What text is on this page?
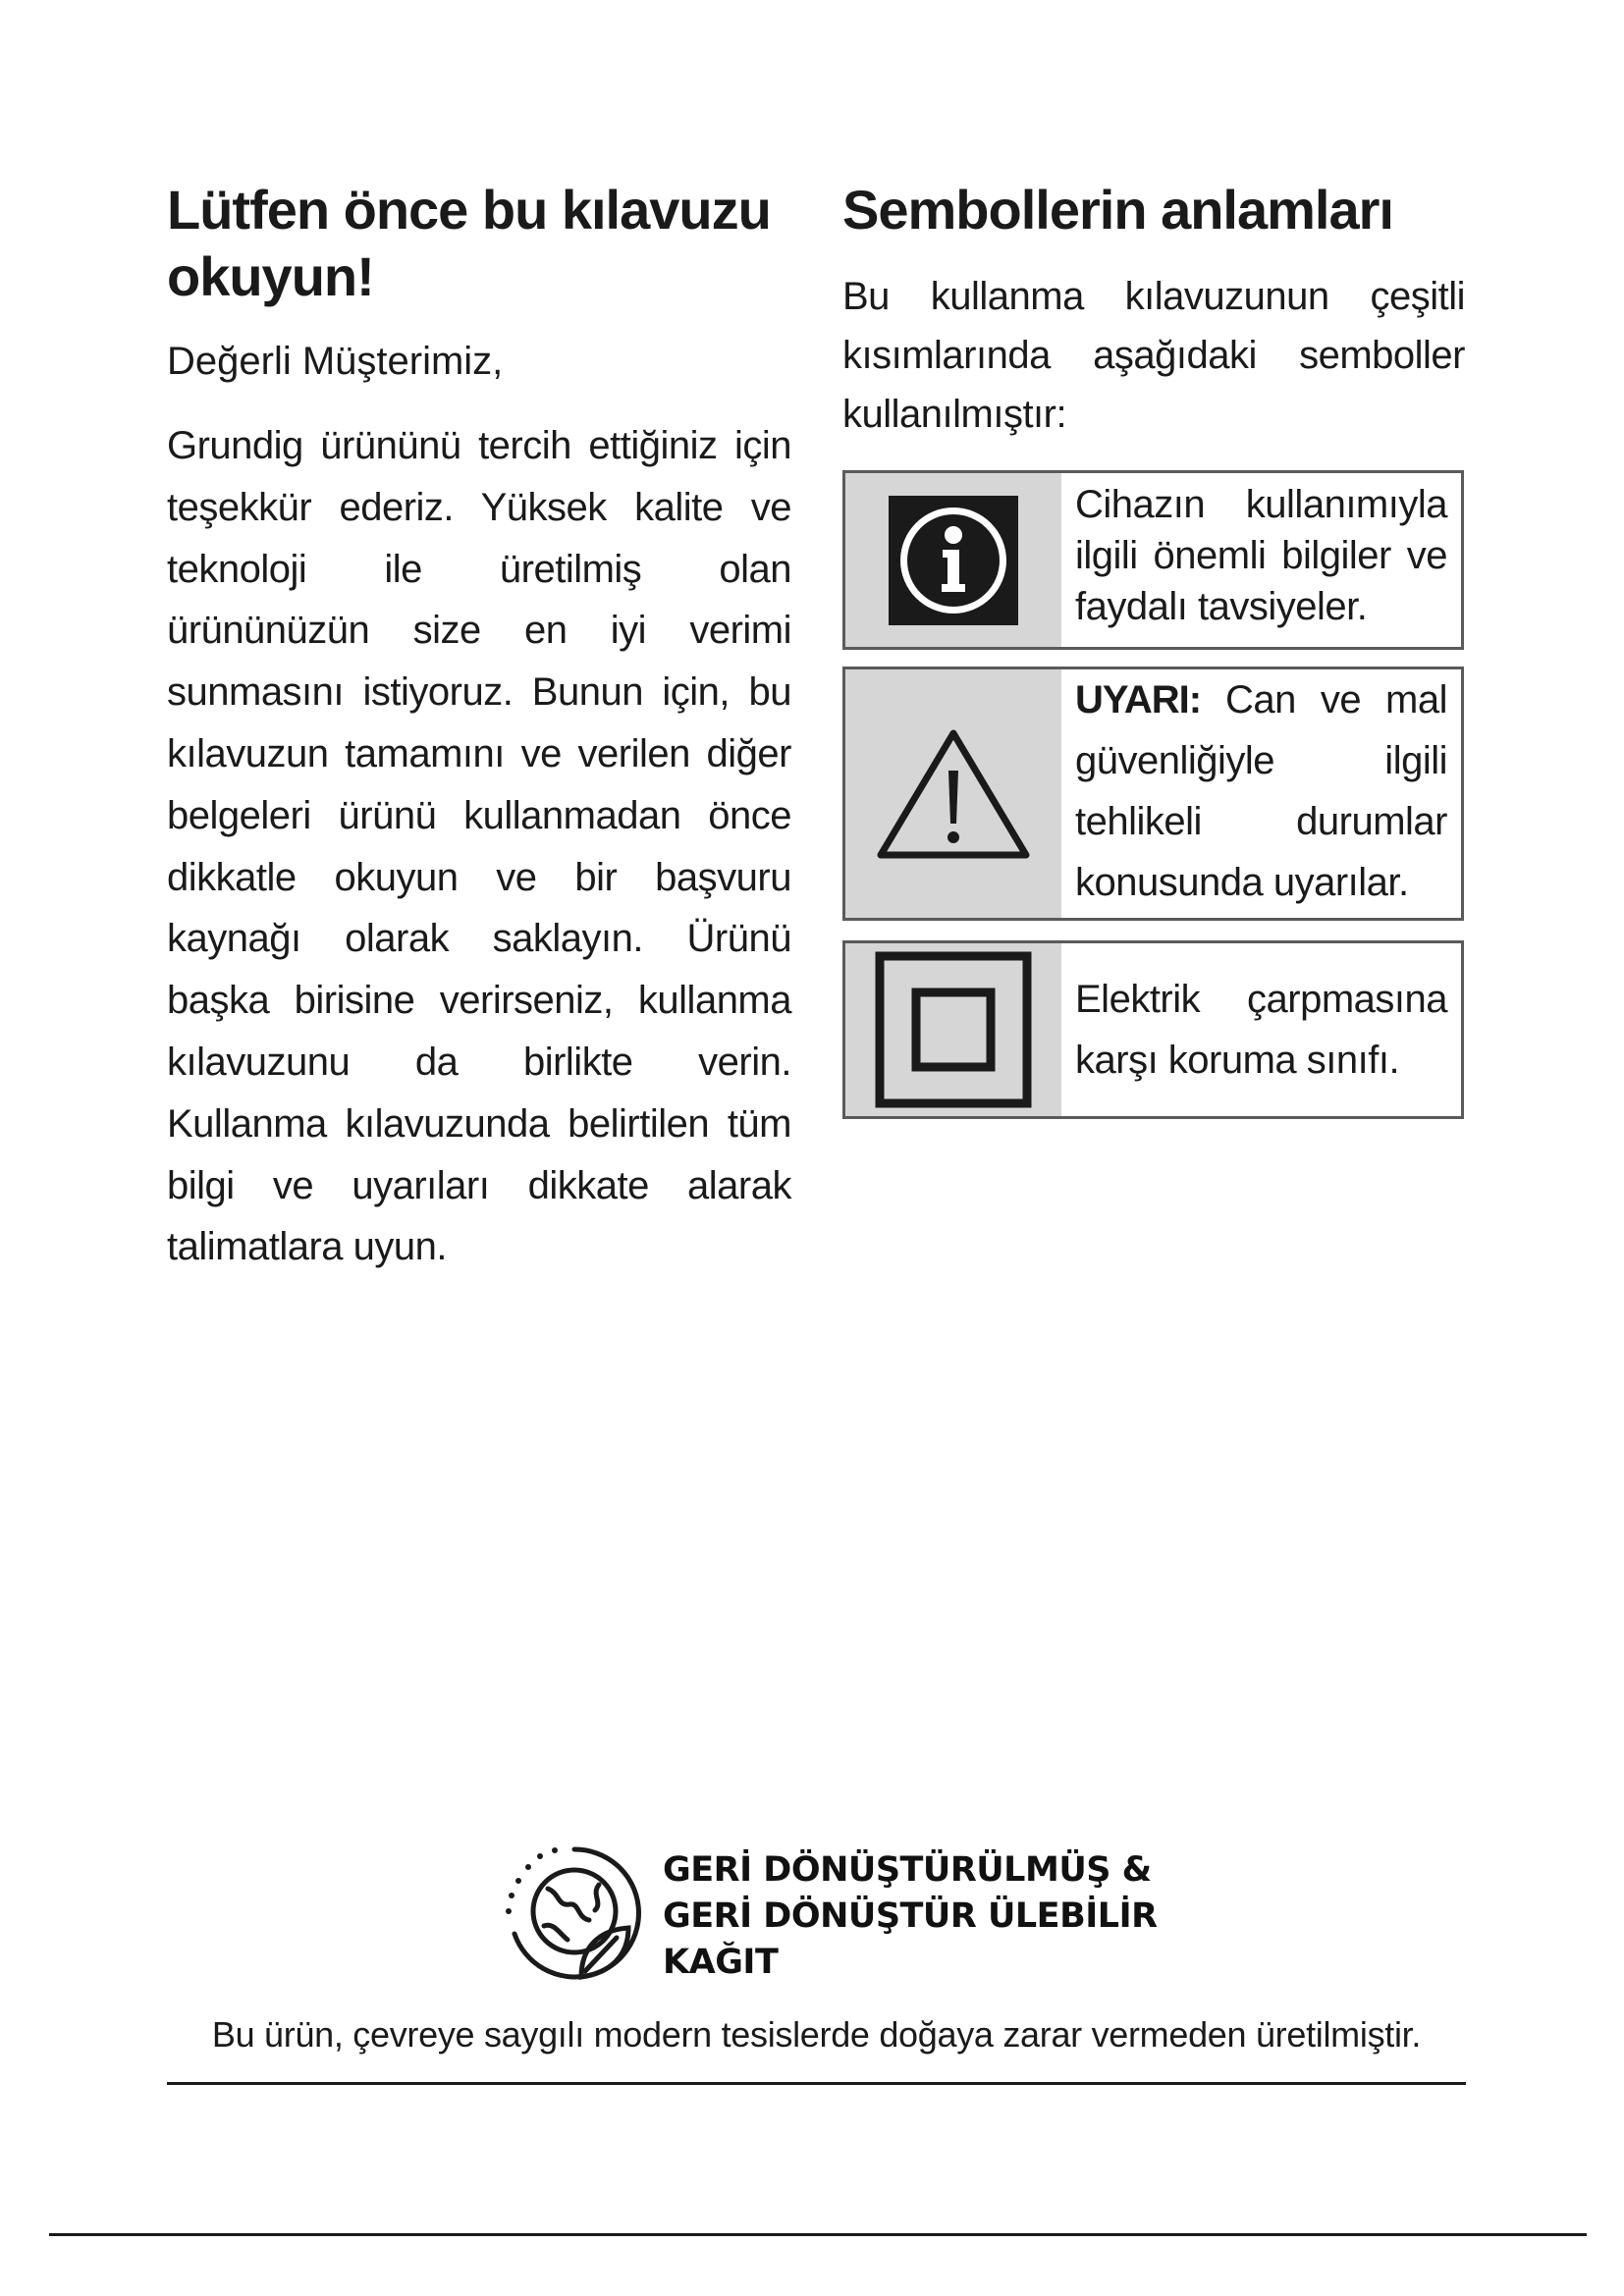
Lütfen önce bu kılavuzu okuyun!

Değerli Müşterimiz,

Grundig ürününü tercih ettiğiniz için teşekkür ederiz. Yüksek kalite ve teknoloji ile üretilmiş olan ürününüzün size en iyi verimi sunmasını istiyoruz. Bunun için, bu kılavuzun tamamını ve verilen diğer belgeleri ürünü kullanmadan önce dikkatle okuyun ve bir başvuru kaynağı olarak saklayın. Ürünü başka birisine verirseniz, kullanma kılavuzunu da birlikte verin. Kullanma kılavuzunda belirtilen tüm bilgi ve uyarıları dikkate alarak talimatlara uyun.

Sembollerin anlamları

Bu kullanma kılavuzunun çeşitli kısımlarında aşağıdaki semboller kullanılmıştır:

Cihazın kullanımıyla ilgili önemli bilgiler ve faydalı tavsiyeler.
UYARI: Can ve mal güvenliğiyle ilgili tehlikeli durumlar konusunda uyarılar.
Elektrik çarpmasına karşı koruma sınıfı.
GERİ DÖNÜŞTÜRÜLMÜŞ &
GERİ DÖNÜŞTÜR ÜLEBİLİR
KAĞIT
Bu ürün, çevreye saygılı modern tesislerde doğaya zarar vermeden üretilmiştir.
